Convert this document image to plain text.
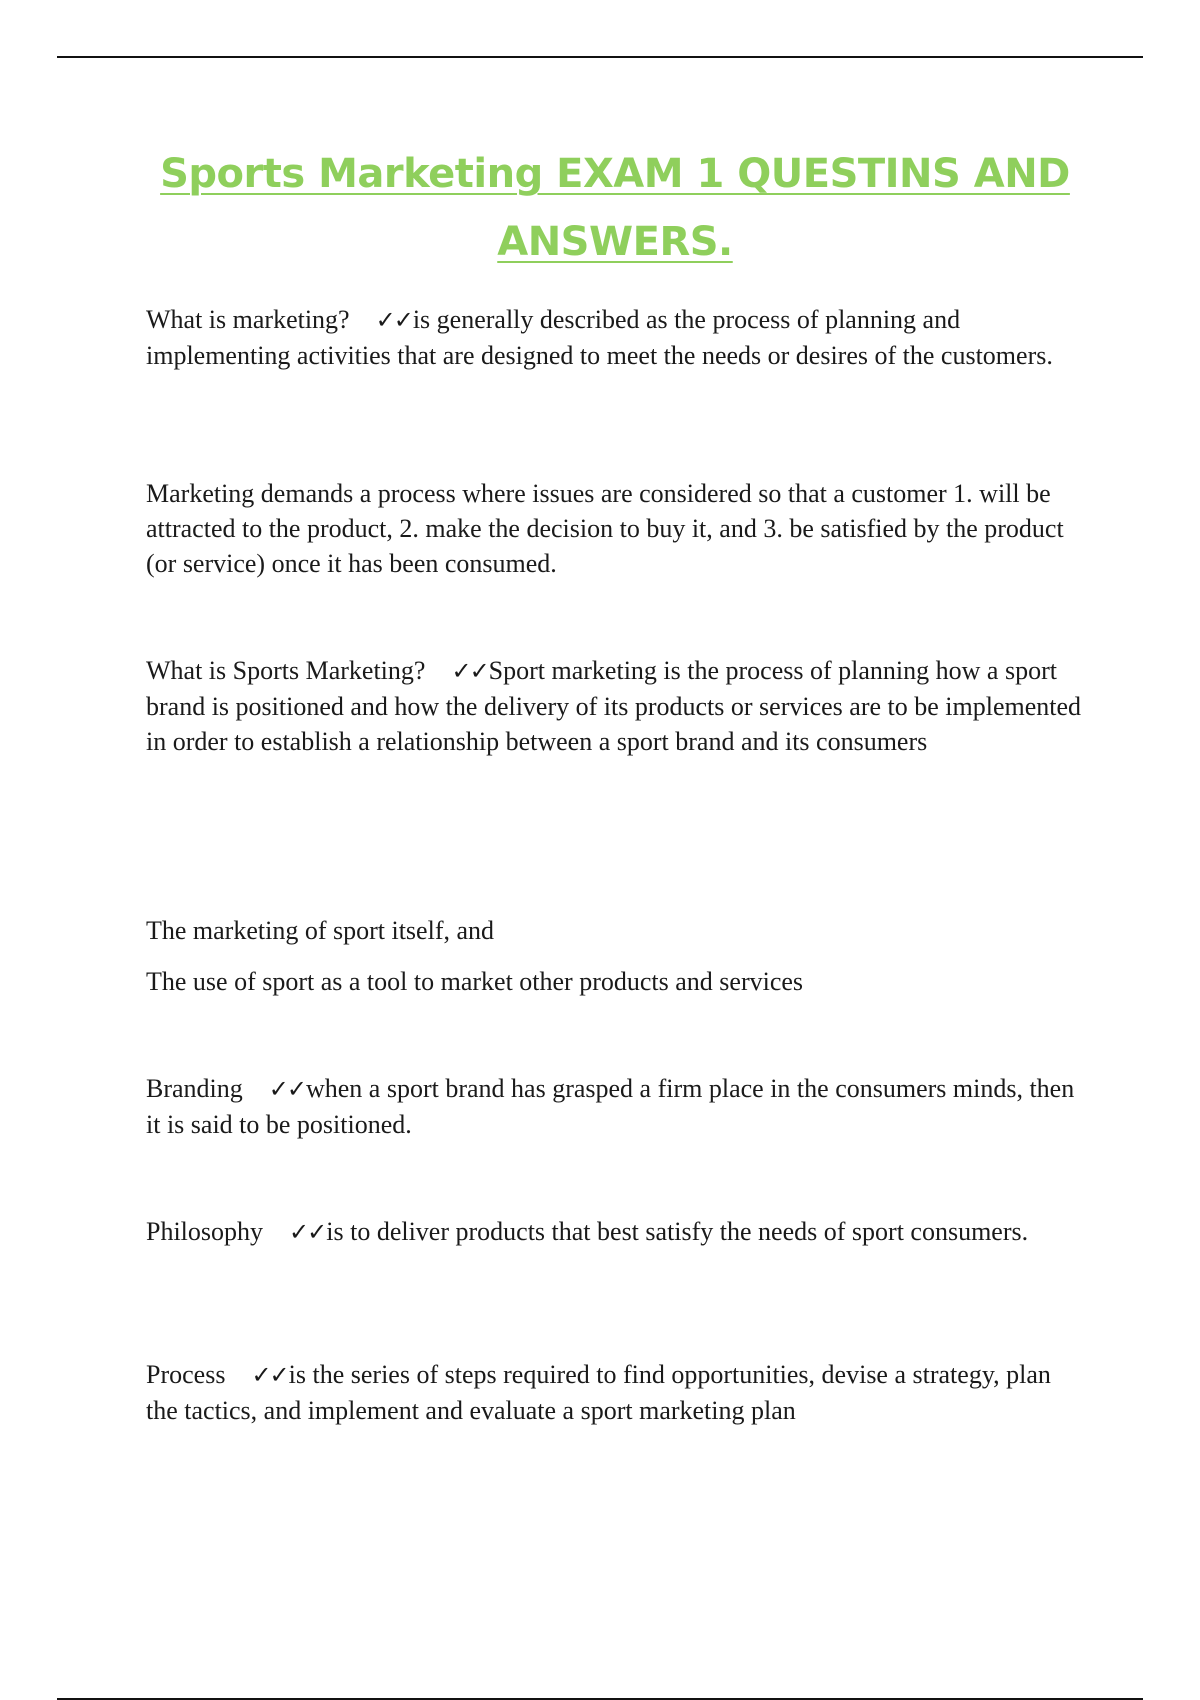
Sports Marketing EXAM 1 QUESTINS AND ANSWERS.

What is marketing? ✓✓is generally described as the process of planning and implementing activities that are designed to meet the needs or desires of the customers.

Marketing demands a process where issues are considered so that a customer 1. will be attracted to the product, 2. make the decision to buy it, and 3. be satisfied by the product (or service) once it has been consumed.

What is Sports Marketing? ✓✓Sport marketing is the process of planning how a sport brand is positioned and how the delivery of its products or services are to be implemented in order to establish a relationship between a sport brand and its consumers

The marketing of sport itself, and

The use of sport as a tool to market other products and services

Branding ✓✓when a sport brand has grasped a firm place in the consumers minds, then it is said to be positioned.

Philosophy ✓✓is to deliver products that best satisfy the needs of sport consumers.

Process ✓✓is the series of steps required to find opportunities, devise a strategy, plan the tactics, and implement and evaluate a sport marketing plan
